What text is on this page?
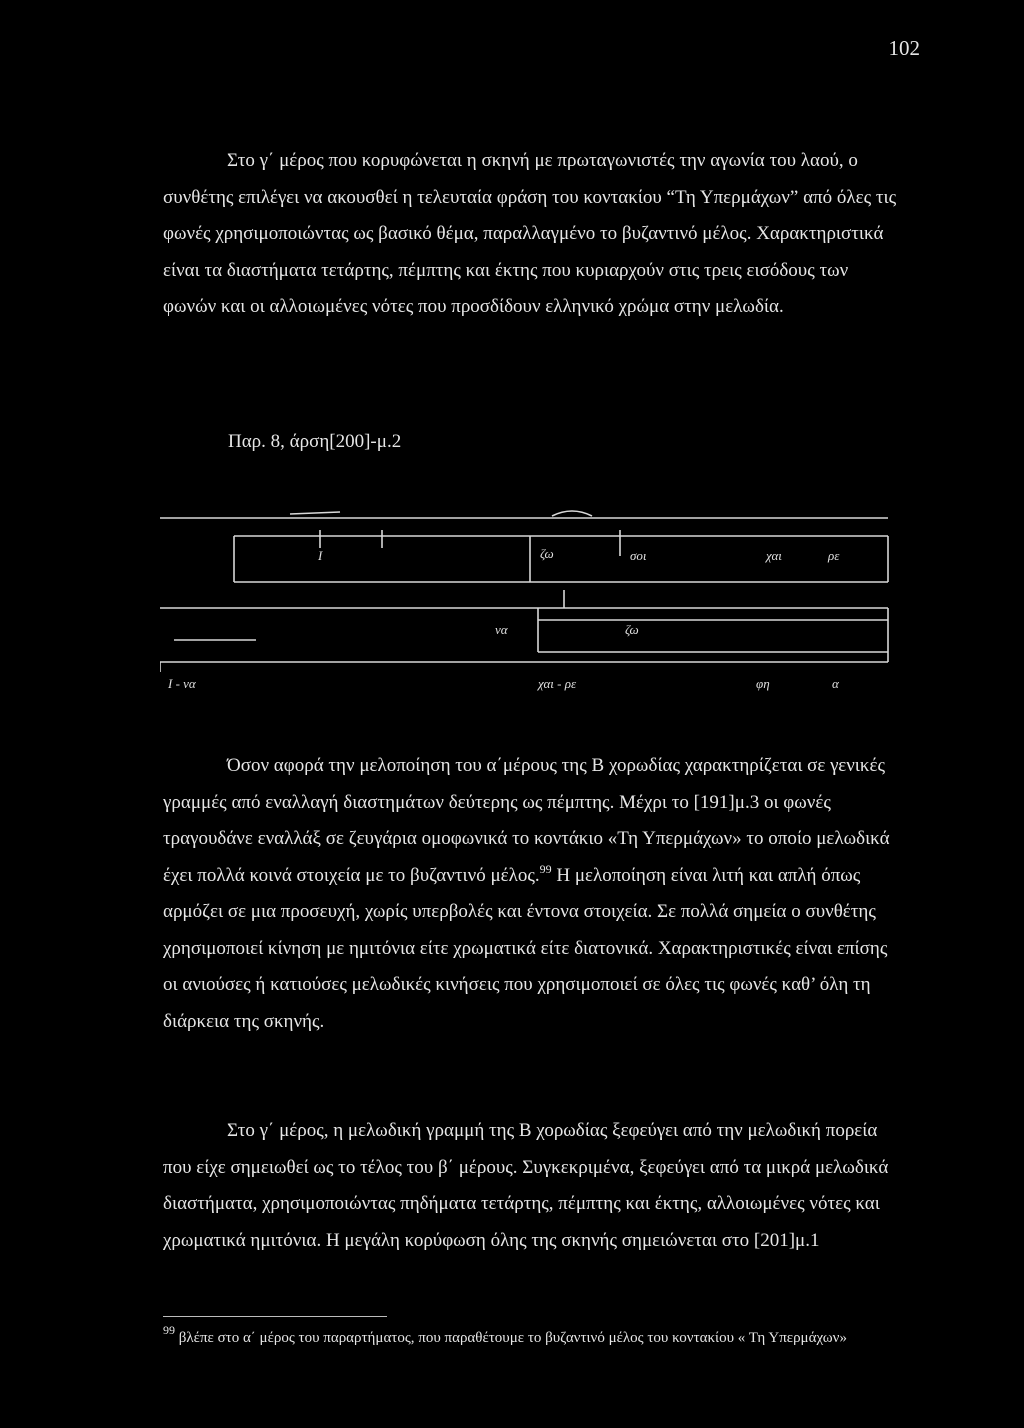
102

Στο γ΄ μέρος που κορυφώνεται η σκηνή με πρωταγωνιστές την αγωνία του λαού, ο συνθέτης επιλέγει να ακουσθεί η τελευταία φράση του κοντακίου “Τη Υπερμάχων” από όλες τις φωνές χρησιμοποιώντας ως βασικό θέμα, παραλλαγμένο το βυζαντινό μέλος. Χαρακτηριστικά είναι τα διαστήματα τετάρτης, πέμπτης και έκτης που κυριαρχούν στις τρεις εισόδους των φωνών και οι αλλοιωμένες νότες που προσδίδουν ελληνικό χρώμα στην μελωδία.

Παρ. 8, άρση[200]-μ.2
Ι	ζω	σοι	χαι	ρε
να	ζω
Ι - να	χαι - ρε	φη	α

Όσον αφορά την μελοποίηση του α΄μέρους της Β χορωδίας χαρακτηρίζεται σε γενικές γραμμές από εναλλαγή διαστημάτων δεύτερης ως πέμπτης. Μέχρι το [191]μ.3 οι φωνές τραγουδάνε εναλλάξ σε ζευγάρια ομοφωνικά το κοντάκιο «Τη Υπερμάχων» το οποίο μελωδικά έχει πολλά κοινά στοιχεία με το βυζαντινό μέλος.$^{99}$ Η μελοποίηση είναι λιτή και απλή όπως αρμόζει σε μια προσευχή, χωρίς υπερβολές και έντονα στοιχεία. Σε πολλά σημεία ο συνθέτης χρησιμοποιεί κίνηση με ημιτόνια είτε χρωματικά είτε διατονικά. Χαρακτηριστικές είναι επίσης οι ανιούσες ή κατιούσες μελωδικές κινήσεις που χρησιμοποιεί σε όλες τις φωνές καθ’ όλη τη διάρκεια της σκηνής.

Στο γ΄ μέρος, η μελωδική γραμμή της Β χορωδίας ξεφεύγει από την μελωδική πορεία που είχε σημειωθεί ως το τέλος του β΄ μέρους. Συγκεκριμένα, ξεφεύγει από τα μικρά μελωδικά διαστήματα, χρησιμοποιώντας πηδήματα τετάρτης, πέμπτης και έκτης, αλλοιωμένες νότες και χρωματικά ημιτόνια. Η μεγάλη κορύφωση όλης της σκηνής σημειώνεται στο [201]μ.1

$^{99}$ βλέπε στο α΄ μέρος του παραρτήματος, που παραθέτουμε το βυζαντινό μέλος του κοντακίου « Τη Υπερμάχων»
